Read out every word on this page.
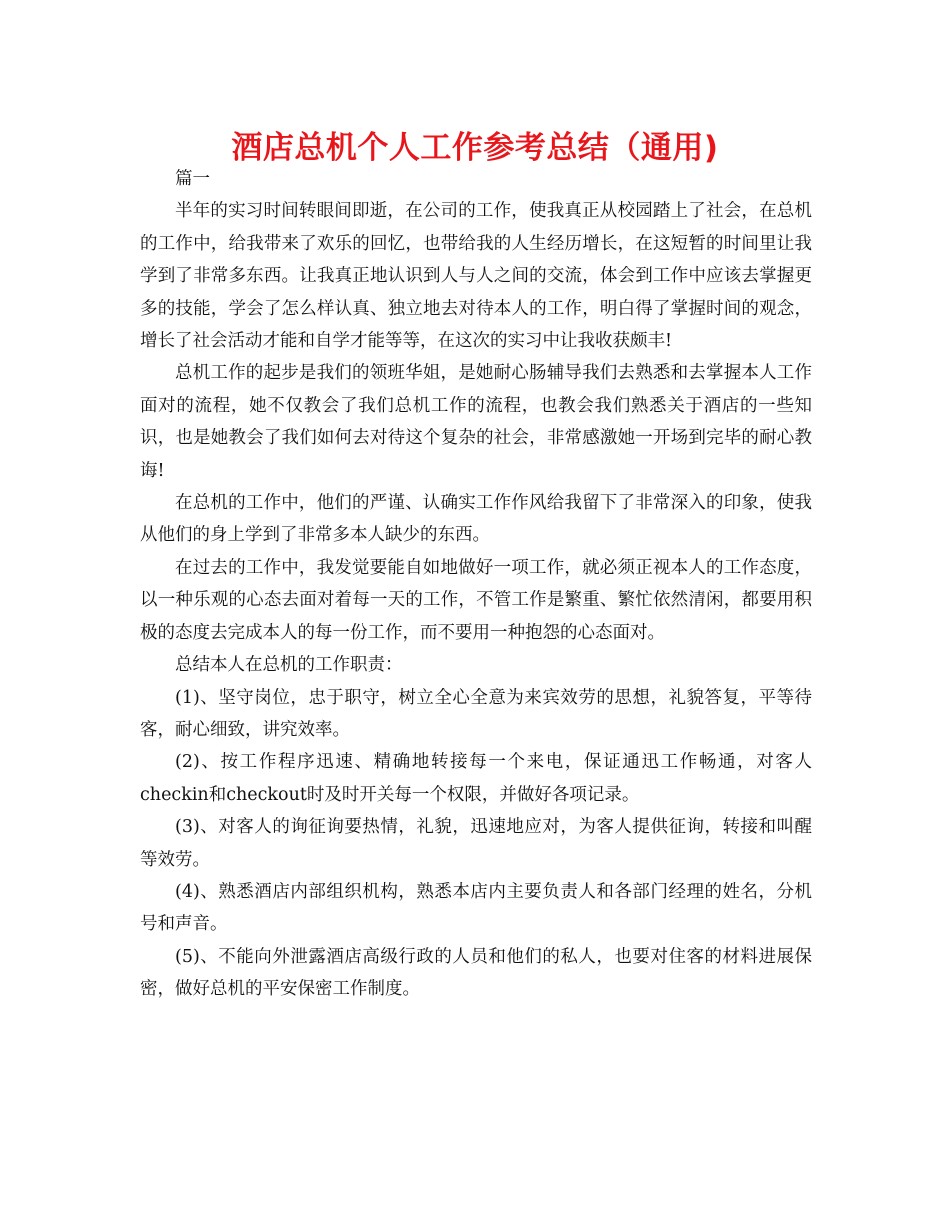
酒店总机个人工作参考总结（通用)

篇一

半年的实习时间转眼间即逝，在公司的工作，使我真正从校园踏上了社会，在总机的工作中，给我带来了欢乐的回忆，也带给我的人生经历增长，在这短暂的时间里让我学到了非常多东西。让我真正地认识到人与人之间的交流，体会到工作中应该去掌握更多的技能，学会了怎么样认真、独立地去对待本人的工作，明白得了掌握时间的观念，增长了社会活动才能和自学才能等等，在这次的实习中让我收获颇丰!

总机工作的起步是我们的领班华姐，是她耐心肠辅导我们去熟悉和去掌握本人工作面对的流程，她不仅教会了我们总机工作的流程，也教会我们熟悉关于酒店的一些知识，也是她教会了我们如何去对待这个复杂的社会，非常感激她一开场到完毕的耐心教诲!

在总机的工作中，他们的严谨、认确实工作作风给我留下了非常深入的印象，使我从他们的身上学到了非常多本人缺少的东西。

在过去的工作中，我发觉要能自如地做好一项工作，就必须正视本人的工作态度，以一种乐观的心态去面对着每一天的工作，不管工作是繁重、繁忙依然清闲，都要用积极的态度去完成本人的每一份工作，而不要用一种抱怨的心态面对。

总结本人在总机的工作职责：

(1)、坚守岗位，忠于职守，树立全心全意为来宾效劳的思想，礼貌答复，平等待客，耐心细致，讲究效率。

(2)、按工作程序迅速、精确地转接每一个来电，保证通迅工作畅通，对客人checkin和checkout时及时开关每一个权限，并做好各项记录。

(3)、对客人的询征询要热情，礼貌，迅速地应对，为客人提供征询，转接和叫醒等效劳。

(4)、熟悉酒店内部组织机构，熟悉本店内主要负责人和各部门经理的姓名，分机号和声音。

(5)、不能向外泄露酒店高级行政的人员和他们的私人，也要对住客的材料进展保密，做好总机的平安保密工作制度。
